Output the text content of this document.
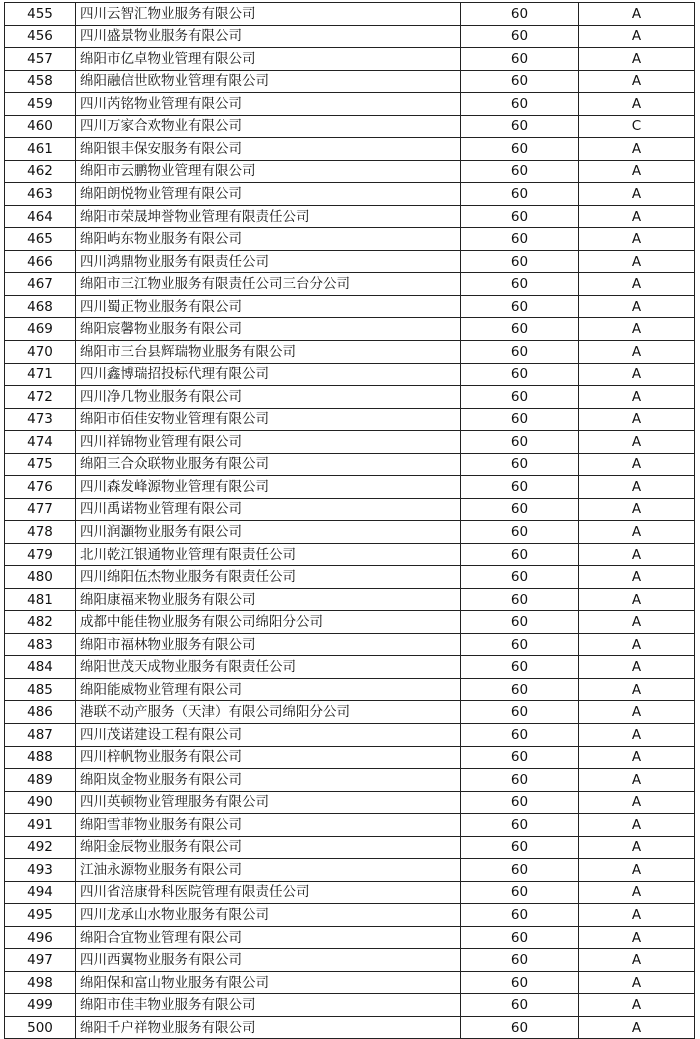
455	四川云智汇物业服务有限公司	60	A
456	四川盛景物业服务有限公司	60	A
457	绵阳市亿卓物业管理有限公司	60	A
458	绵阳融信世欧物业管理有限公司	60	A
459	四川芮铭物业管理有限公司	60	A
460	四川万家合欢物业有限公司	60	C
461	绵阳银丰保安服务有限公司	60	A
462	绵阳市云鹏物业管理有限公司	60	A
463	绵阳朗悦物业管理有限公司	60	A
464	绵阳市荣晟坤誉物业管理有限责任公司	60	A
465	绵阳屿东物业服务有限公司	60	A
466	四川鸿鼎物业服务有限责任公司	60	A
467	绵阳市三江物业服务有限责任公司三台分公司	60	A
468	四川蜀正物业服务有限公司	60	A
469	绵阳宸馨物业服务有限公司	60	A
470	绵阳市三台县辉瑞物业服务有限公司	60	A
471	四川鑫博瑞招投标代理有限公司	60	A
472	四川净几物业服务有限公司	60	A
473	绵阳市佰佳安物业管理有限公司	60	A
474	四川祥锦物业管理有限公司	60	A
475	绵阳三合众联物业服务有限公司	60	A
476	四川森发峰源物业管理有限公司	60	A
477	四川禹诺物业管理有限公司	60	A
478	四川润灝物业服务有限公司	60	A
479	北川乾江银通物业管理有限责任公司	60	A
480	四川绵阳伍杰物业服务有限责任公司	60	A
481	绵阳康福来物业服务有限公司	60	A
482	成都中能佳物业服务有限公司绵阳分公司	60	A
483	绵阳市福林物业服务有限公司	60	A
484	绵阳世茂天成物业服务有限责任公司	60	A
485	绵阳能威物业管理有限公司	60	A
486	港联不动产服务（天津）有限公司绵阳分公司	60	A
487	四川茂诺建设工程有限公司	60	A
488	四川梓帆物业服务有限公司	60	A
489	绵阳岚金物业服务有限公司	60	A
490	四川英顿物业管理服务有限公司	60	A
491	绵阳雪菲物业服务有限公司	60	A
492	绵阳金辰物业服务有限公司	60	A
493	江油永源物业服务有限公司	60	A
494	四川省涪康骨科医院管理有限责任公司	60	A
495	四川龙承山水物业服务有限公司	60	A
496	绵阳合宜物业管理有限公司	60	A
497	四川西翼物业服务有限公司	60	A
498	绵阳保和富山物业服务有限公司	60	A
499	绵阳市佳丰物业服务有限公司	60	A
500	绵阳千户祥物业服务有限公司	60	A
